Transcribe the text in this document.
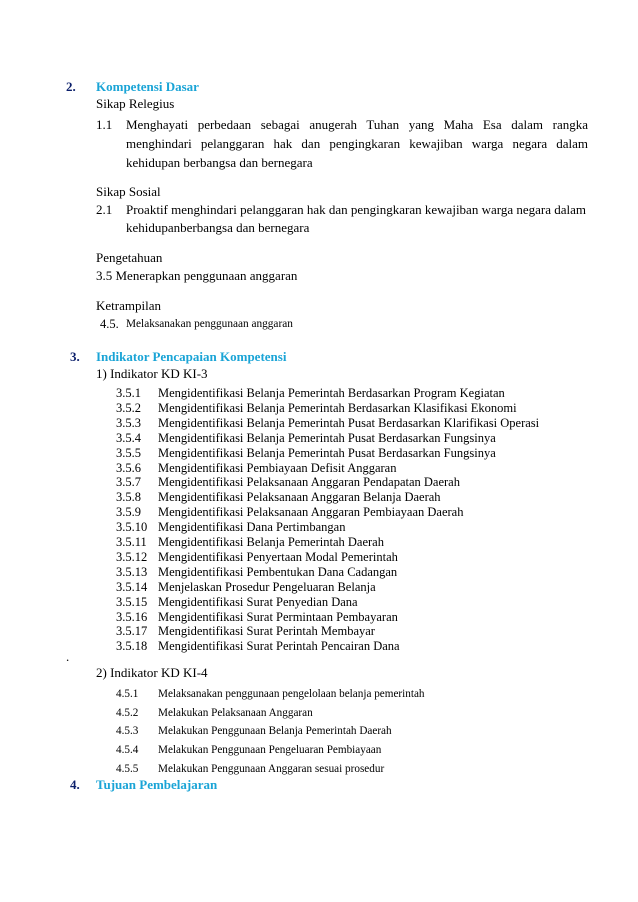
2. Kompetensi Dasar
Sikap Relegius
1.1 Menghayati perbedaan sebagai anugerah Tuhan yang Maha Esa dalam rangka
menghindari pelanggaran hak dan pengingkaran kewajiban warga negara dalam
kehidupan berbangsa dan bernegara
Sikap Sosial
2.1 Proaktif menghindari pelanggaran hak dan pengingkaran kewajiban warga negara dalam
kehidupanberbangsa dan bernegara
Pengetahuan
3.5 Menerapkan penggunaan anggaran
Ketrampilan
4.5. Melaksanakan penggunaan anggaran
3. Indikator Pencapaian Kompetensi
1) Indikator KD KI-3
3.5.1 Mengidentifikasi Belanja Pemerintah Berdasarkan Program Kegiatan
3.5.2 Mengidentifikasi Belanja Pemerintah Berdasarkan Klasifikasi Ekonomi
3.5.3 Mengidentifikasi Belanja Pemerintah Pusat Berdasarkan Klarifikasi Operasi
3.5.4 Mengidentifikasi Belanja Pemerintah Pusat Berdasarkan Fungsinya
3.5.5 Mengidentifikasi Belanja Pemerintah Pusat Berdasarkan Fungsinya
3.5.6 Mengidentifikasi Pembiayaan Defisit Anggaran
3.5.7 Mengidentifikasi Pelaksanaan Anggaran Pendapatan Daerah
3.5.8 Mengidentifikasi Pelaksanaan Anggaran Belanja Daerah
3.5.9 Mengidentifikasi Pelaksanaan Anggaran Pembiayaan Daerah
3.5.10 Mengidentifikasi Dana Pertimbangan
3.5.11 Mengidentifikasi Belanja Pemerintah Daerah
3.5.12 Mengidentifikasi Penyertaan Modal Pemerintah
3.5.13 Mengidentifikasi Pembentukan Dana Cadangan
3.5.14 Menjelaskan Prosedur Pengeluaran Belanja
3.5.15 Mengidentifikasi Surat Penyedian Dana
3.5.16 Mengidentifikasi Surat Permintaan Pembayaran
3.5.17 Mengidentifikasi Surat Perintah Membayar
3.5.18 Mengidentifikasi Surat Perintah Pencairan Dana
.
2) Indikator KD KI-4
4.5.1 Melaksanakan penggunaan pengelolaan belanja pemerintah
4.5.2 Melakukan Pelaksanaan Anggaran
4.5.3 Melakukan Penggunaan Belanja Pemerintah Daerah
4.5.4 Melakukan Penggunaan Pengeluaran Pembiayaan
4.5.5 Melakukan Penggunaan Anggaran sesuai prosedur
4. Tujuan Pembelajaran
